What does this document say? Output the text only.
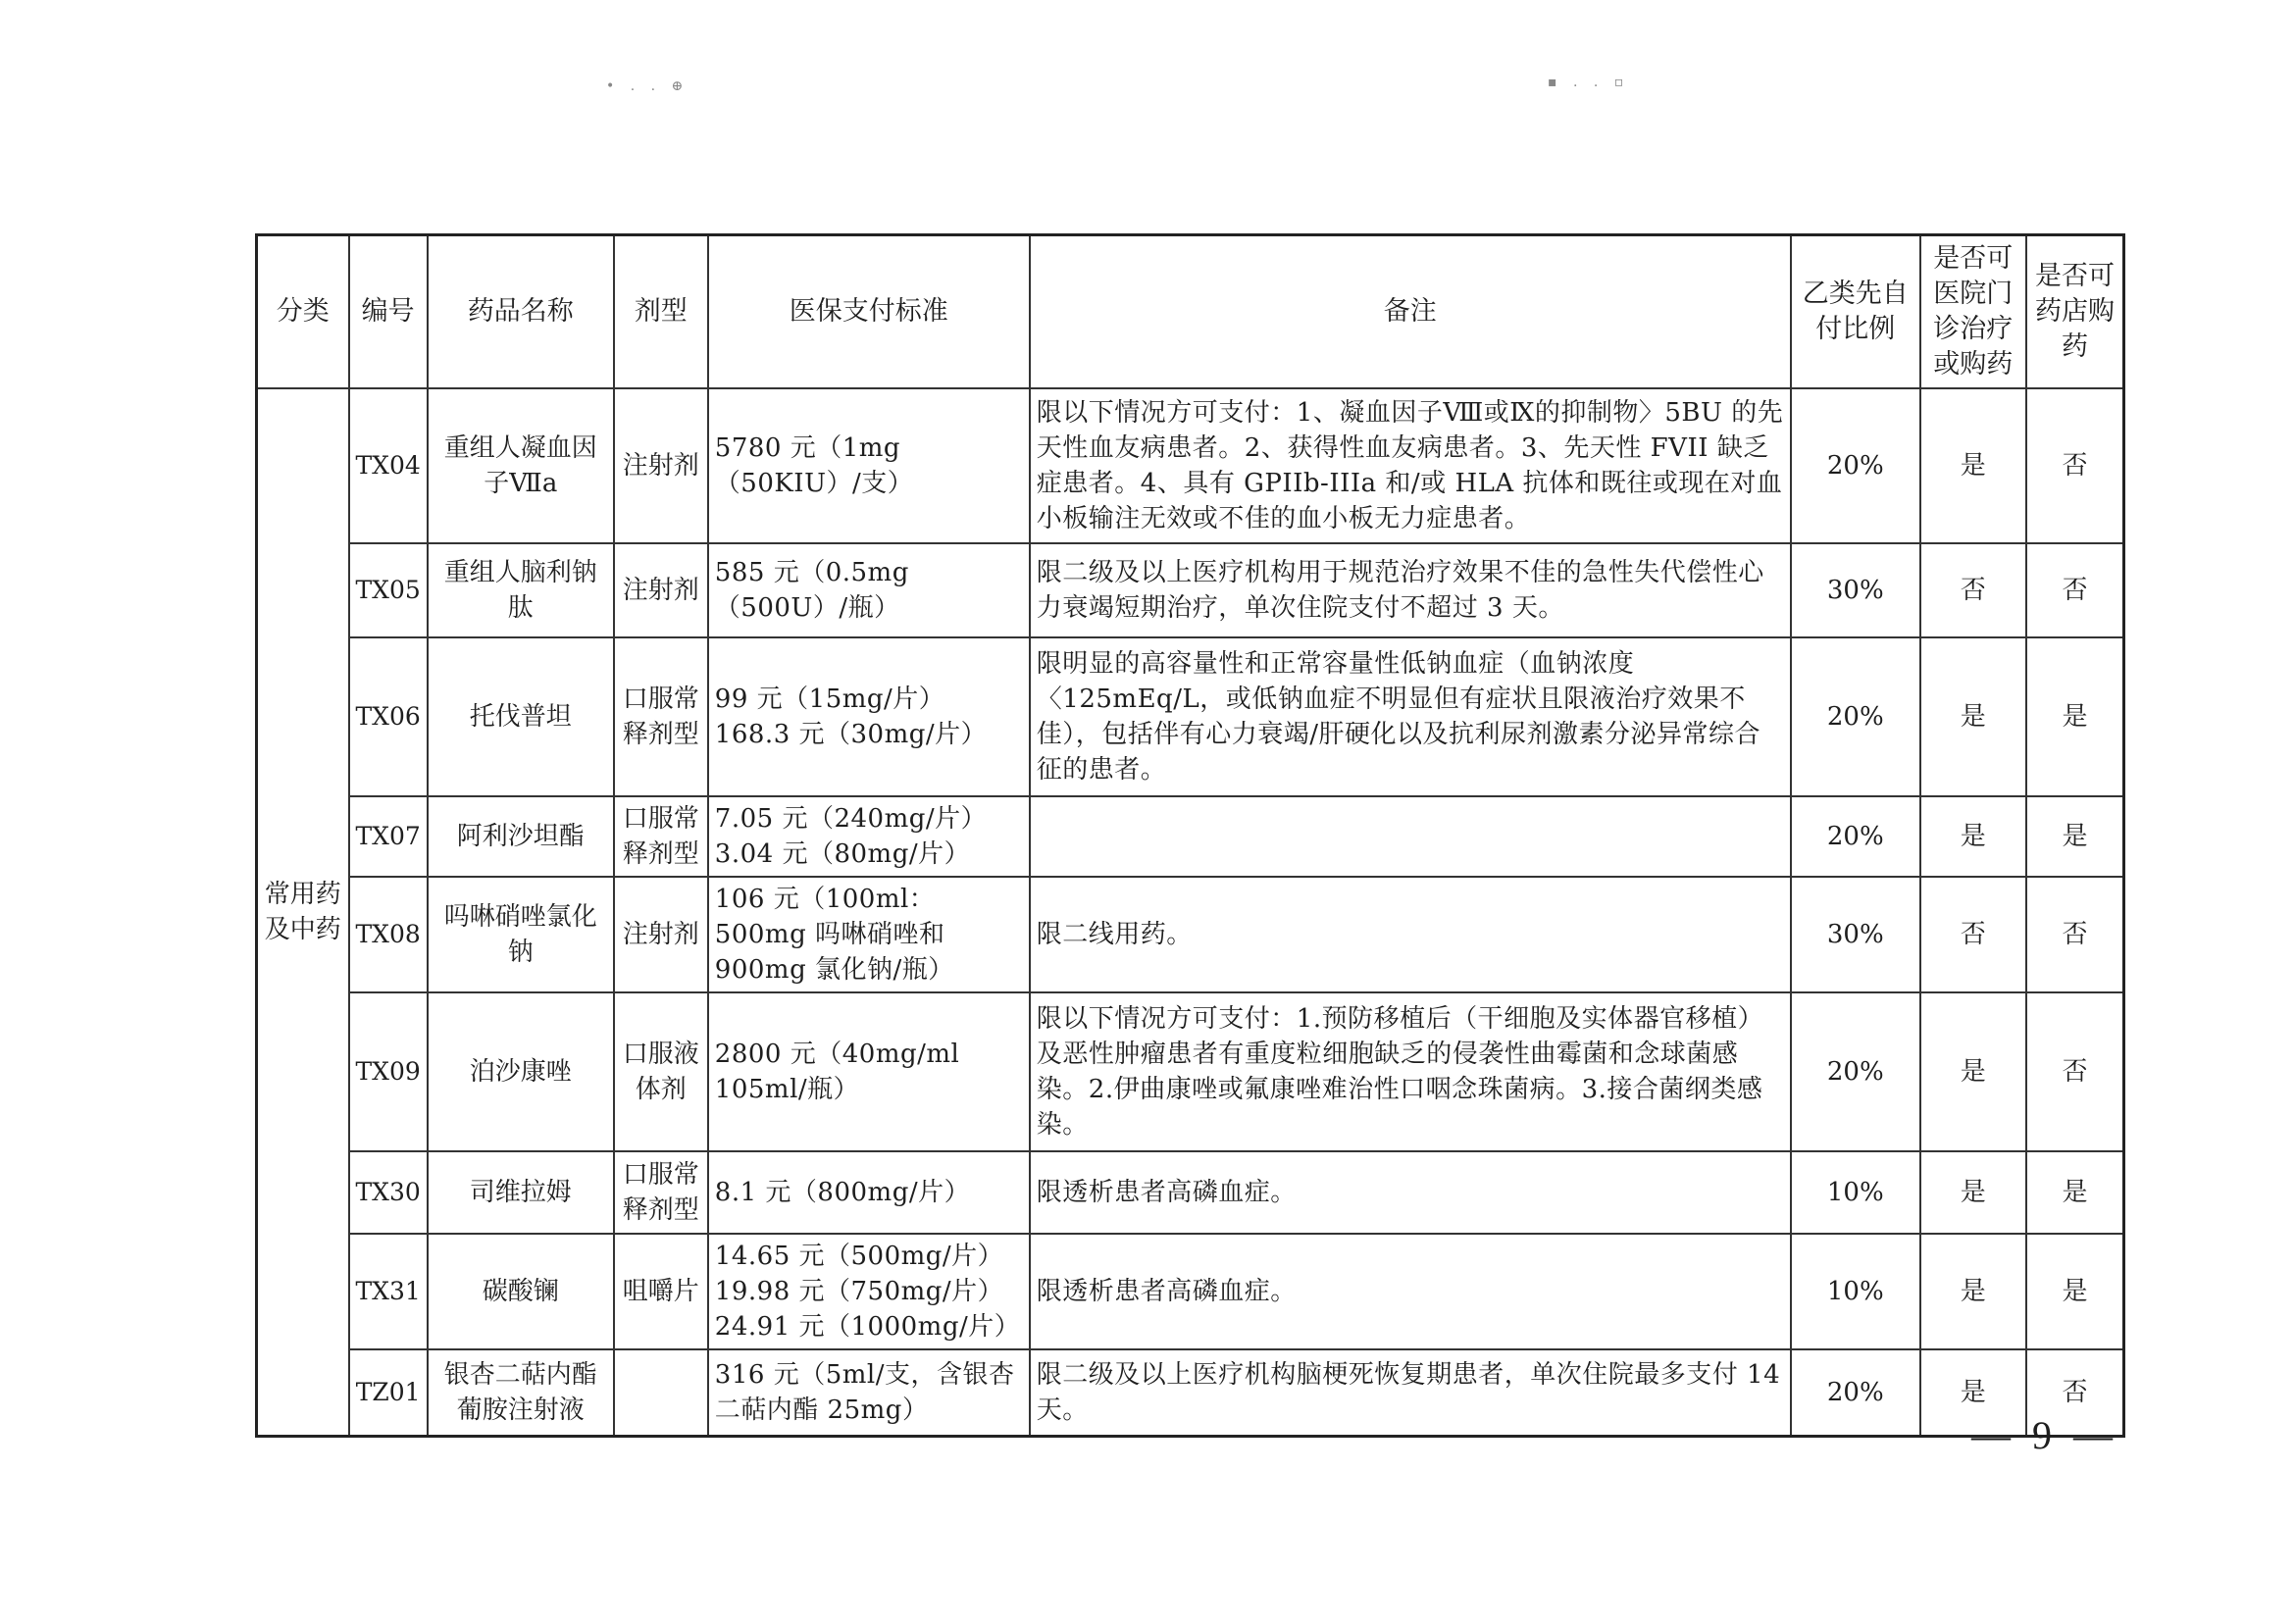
• . . ⊕	▪ . . ▫
分类	编号	药品名称	剂型	医保支付标准	备注	乙类先自付比例	是否可医院门诊治疗或购药	是否可药店购药
常用药及中药	TX04	重组人凝血因子Ⅶa	注射剂	5780 元（1mg（50KIU）/支）	限以下情况方可支付：1、凝血因子Ⅷ或Ⅸ的抑制物〉5BU 的先天性血友病患者。2、获得性血友病患者。3、先天性 FVII 缺乏症患者。4、具有 GPIIb-IIIa 和/或 HLA 抗体和既往或现在对血小板输注无效或不佳的血小板无力症患者。	20%	是	否
	TX05	重组人脑利钠肽	注射剂	585 元（0.5mg（500U）/瓶）	限二级及以上医疗机构用于规范治疗效果不佳的急性失代偿性心力衰竭短期治疗，单次住院支付不超过 3 天。	30%	否	否
	TX06	托伐普坦	口服常释剂型	99 元（15mg/片）
168.3 元（30mg/片）	限明显的高容量性和正常容量性低钠血症（血钠浓度〈125mEq/L，或低钠血症不明显但有症状且限液治疗效果不佳），包括伴有心力衰竭/肝硬化以及抗利尿剂激素分泌异常综合征的患者。	20%	是	是
	TX07	阿利沙坦酯	口服常释剂型	7.05 元（240mg/片）
3.04 元（80mg/片）		20%	是	是
	TX08	吗啉硝唑氯化钠	注射剂	106 元（100ml：500mg 吗啉硝唑和 900mg 氯化钠/瓶）	限二线用药。	30%	否	否
	TX09	泊沙康唑	口服液体剂	2800 元（40mg/ml 105ml/瓶）	限以下情况方可支付：1.预防移植后（干细胞及实体器官移植）及恶性肿瘤患者有重度粒细胞缺乏的侵袭性曲霉菌和念球菌感染。2.伊曲康唑或氟康唑难治性口咽念珠菌病。3.接合菌纲类感染。	20%	是	否
	TX30	司维拉姆	口服常释剂型	8.1 元（800mg/片）	限透析患者高磷血症。	10%	是	是
	TX31	碳酸镧	咀嚼片	14.65 元（500mg/片）
19.98 元（750mg/片）
24.91 元（1000mg/片）	限透析患者高磷血症。	10%	是	是
	TZ01	银杏二萜内酯葡胺注射液		316 元（5ml/支，含银杏二萜内酯 25mg）	限二级及以上医疗机构脑梗死恢复期患者，单次住院最多支付 14 天。	20%	是	否
— 9 —
